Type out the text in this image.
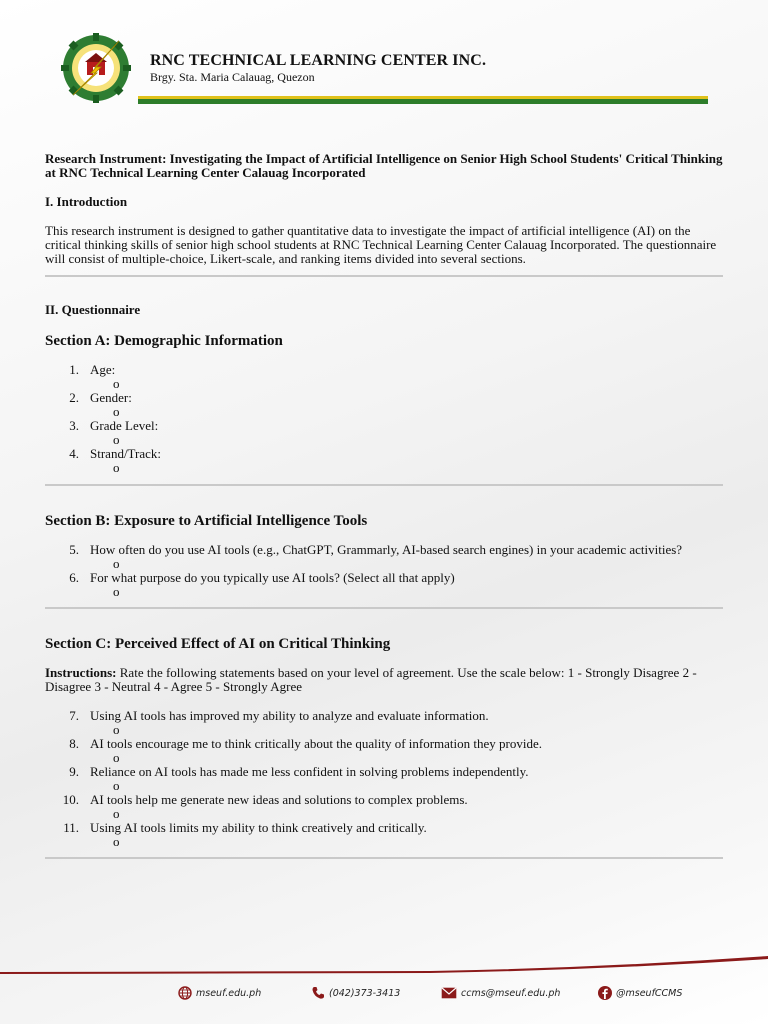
RNC TECHNICAL LEARNING CENTER INC.
Brgy. Sta. Maria Calauag, Quezon

Research Instrument: Investigating the Impact of Artificial Intelligence on Senior High School Students' Critical Thinking at RNC Technical Learning Center Calauag Incorporated

I. Introduction

This research instrument is designed to gather quantitative data to investigate the impact of artificial intelligence (AI) on the critical thinking skills of senior high school students at RNC Technical Learning Center Calauag Incorporated. The questionnaire will consist of multiple-choice, Likert-scale, and ranking items divided into several sections.

II. Questionnaire

Section A: Demographic Information

1. Age:
o
2. Gender:
o
3. Grade Level:
o
4. Strand/Track:
o

Section B: Exposure to Artificial Intelligence Tools

5. How often do you use AI tools (e.g., ChatGPT, Grammarly, AI-based search engines) in your academic activities?
o
6. For what purpose do you typically use AI tools? (Select all that apply)
o

Section C: Perceived Effect of AI on Critical Thinking

Instructions: Rate the following statements based on your level of agreement. Use the scale below: 1 - Strongly Disagree 2 - Disagree 3 - Neutral 4 - Agree 5 - Strongly Agree

7. Using AI tools has improved my ability to analyze and evaluate information.
o
8. AI tools encourage me to think critically about the quality of information they provide.
o
9. Reliance on AI tools has made me less confident in solving problems independently.
o
10. AI tools help me generate new ideas and solutions to complex problems.
o
11. Using AI tools limits my ability to think creatively and critically.
o
mseuf.edu.ph	(042)373-3413	ccms@mseuf.edu.ph	@mseufCCMS
